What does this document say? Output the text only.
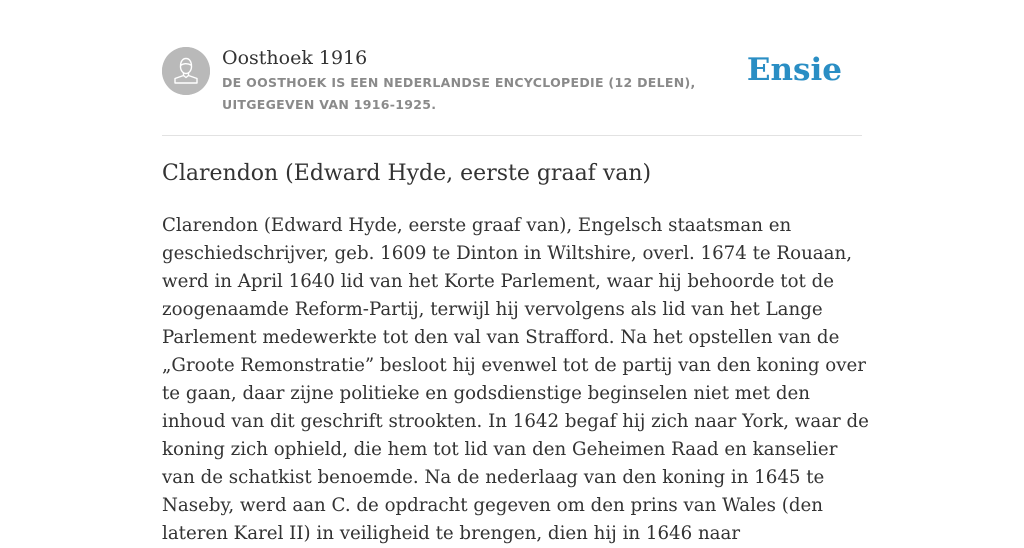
Oosthoek 1916
DE OOSTHOEK IS EEN NEDERLANDSE ENCYCLOPEDIE (12 DELEN), UITGEGEVEN VAN 1916-1925.
Ensie
Clarendon (Edward Hyde, eerste graaf van)

Clarendon (Edward Hyde, eerste graaf van), Engelsch staatsman en geschiedschrijver, geb. 1609 te Dinton in Wiltshire, overl. 1674 te Rouaan, werd in April 1640 lid van het Korte Parlement, waar hij behoorde tot de zoogenaamde Reform-Partij, terwijl hij vervolgens als lid van het Lange Parlement medewerkte tot den val van Strafford. Na het opstellen van de „Groote Remonstratie” besloot hij evenwel tot de partij van den koning over te gaan, daar zijne politieke en godsdienstige beginselen niet met den inhoud van dit geschrift strookten. In 1642 begaf hij zich naar York, waar de koning zich ophield, die hem tot lid van den Geheimen Raad en kanselier van de schatkist benoemde. Na de nederlaag van den koning in 1645 te Naseby, werd aan C. de opdracht gegeven om den prins van Wales (den lateren Karel II) in veiligheid te brengen, dien hij in 1646 naar
